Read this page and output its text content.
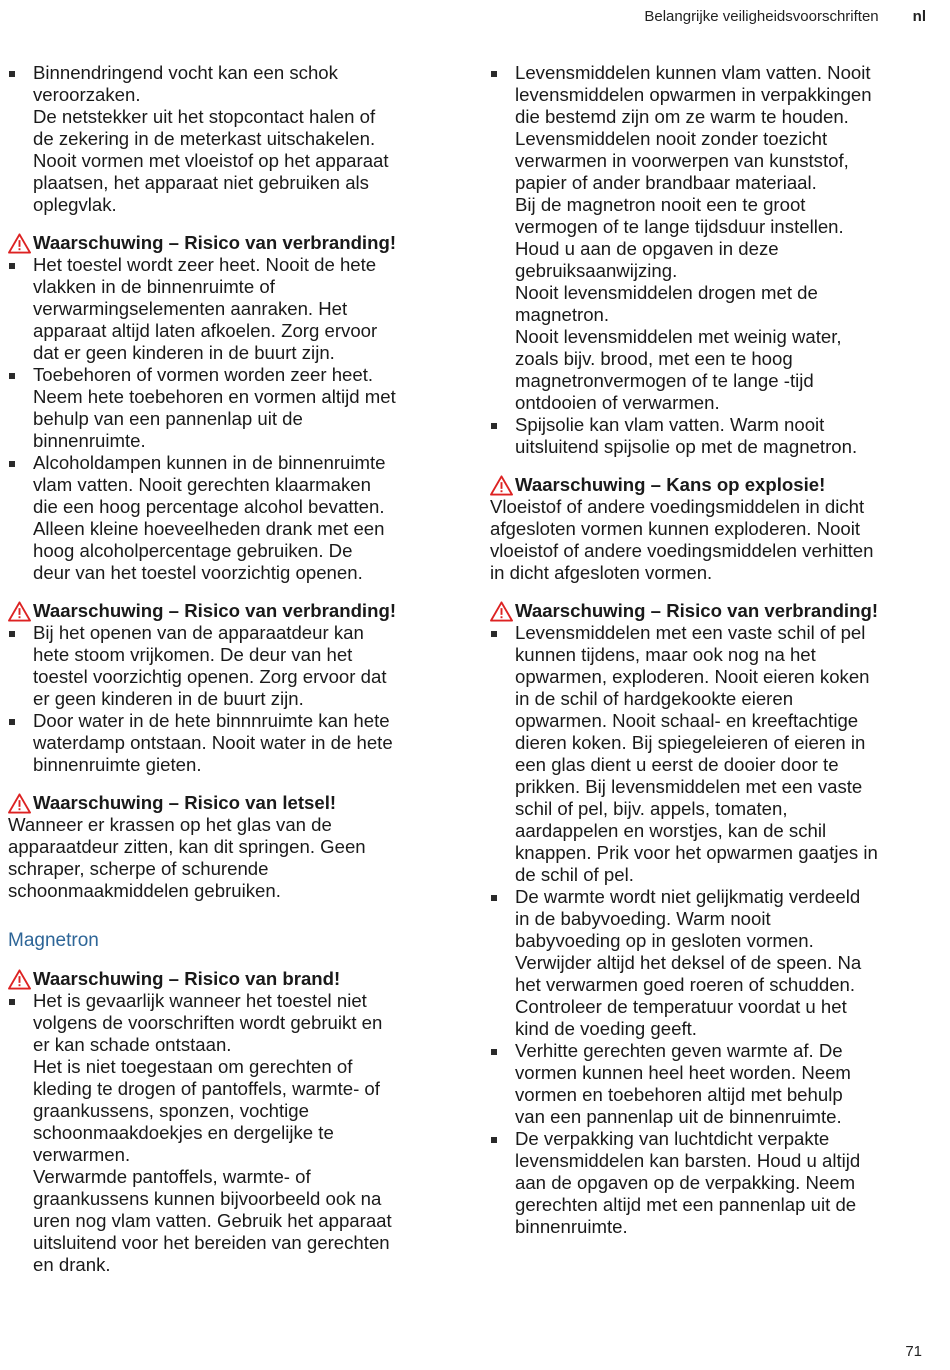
Belangrijke veiligheidsvoorschriften nl
Binnendringend vocht kan een schok
veroorzaken.
De netstekker uit het stopcontact halen of
de zekering in de meterkast uitschakelen.
Nooit vormen met vloeistof op het apparaat
plaatsen, het apparaat niet gebruiken als
oplegvlak.
Waarschuwing – Risico van verbranding!
Het toestel wordt zeer heet. Nooit de hete
vlakken in de binnenruimte of
verwarmingselementen aanraken. Het
apparaat altijd laten afkoelen. Zorg ervoor
dat er geen kinderen in de buurt zijn.
Toebehoren of vormen worden zeer heet.
Neem hete toebehoren en vormen altijd met
behulp van een pannenlap uit de
binnenruimte.
Alcoholdampen kunnen in de binnenruimte
vlam vatten. Nooit gerechten klaarmaken
die een hoog percentage alcohol bevatten.
Alleen kleine hoeveelheden drank met een
hoog alcoholpercentage gebruiken. De
deur van het toestel voorzichtig openen.
Waarschuwing – Risico van verbranding!
Bij het openen van de apparaatdeur kan
hete stoom vrijkomen. De deur van het
toestel voorzichtig openen. Zorg ervoor dat
er geen kinderen in de buurt zijn.
Door water in de hete binnnruimte kan hete
waterdamp ontstaan. Nooit water in de hete
binnenruimte gieten.
Waarschuwing – Risico van letsel!
Wanneer er krassen op het glas van de
apparaatdeur zitten, kan dit springen. Geen
schraper, scherpe of schurende
schoonmaakmiddelen gebruiken.
Magnetron
Waarschuwing – Risico van brand!
Het is gevaarlijk wanneer het toestel niet
volgens de voorschriften wordt gebruikt en
er kan schade ontstaan.
Het is niet toegestaan om gerechten of
kleding te drogen of pantoffels, warmte- of
graankussens, sponzen, vochtige
schoonmaakdoekjes en dergelijke te
verwarmen.
Verwarmde pantoffels, warmte- of
graankussens kunnen bijvoorbeeld ook na
uren nog vlam vatten. Gebruik het apparaat
uitsluitend voor het bereiden van gerechten
en drank.
Levensmiddelen kunnen vlam vatten. Nooit
levensmiddelen opwarmen in verpakkingen
die bestemd zijn om ze warm te houden.
Levensmiddelen nooit zonder toezicht
verwarmen in voorwerpen van kunststof,
papier of ander brandbaar materiaal.
Bij de magnetron nooit een te groot
vermogen of te lange tijdsduur instellen.
Houd u aan de opgaven in deze
gebruiksaanwijzing.
Nooit levensmiddelen drogen met de
magnetron.
Nooit levensmiddelen met weinig water,
zoals bijv. brood, met een te hoog
magnetronvermogen of te lange -tijd
ontdooien of verwarmen.
Spijsolie kan vlam vatten. Warm nooit
uitsluitend spijsolie op met de magnetron.
Waarschuwing – Kans op explosie!
Vloeistof of andere voedingsmiddelen in dicht
afgesloten vormen kunnen exploderen. Nooit
vloeistof of andere voedingsmiddelen verhitten
in dicht afgesloten vormen.
Waarschuwing – Risico van verbranding!
Levensmiddelen met een vaste schil of pel
kunnen tijdens, maar ook nog na het
opwarmen, exploderen. Nooit eieren koken
in de schil of hardgekookte eieren
opwarmen. Nooit schaal- en kreeftachtige
dieren koken. Bij spiegeleieren of eieren in
een glas dient u eerst de dooier door te
prikken. Bij levensmiddelen met een vaste
schil of pel, bijv. appels, tomaten,
aardappelen en worstjes, kan de schil
knappen. Prik voor het opwarmen gaatjes in
de schil of pel.
De warmte wordt niet gelijkmatig verdeeld
in de babyvoeding. Warm nooit
babyvoeding op in gesloten vormen.
Verwijder altijd het deksel of de speen. Na
het verwarmen goed roeren of schudden.
Controleer de temperatuur voordat u het
kind de voeding geeft.
Verhitte gerechten geven warmte af. De
vormen kunnen heel heet worden. Neem
vormen en toebehoren altijd met behulp
van een pannenlap uit de binnenruimte.
De verpakking van luchtdicht verpakte
levensmiddelen kan barsten. Houd u altijd
aan de opgaven op de verpakking. Neem
gerechten altijd met een pannenlap uit de
binnenruimte.
71
